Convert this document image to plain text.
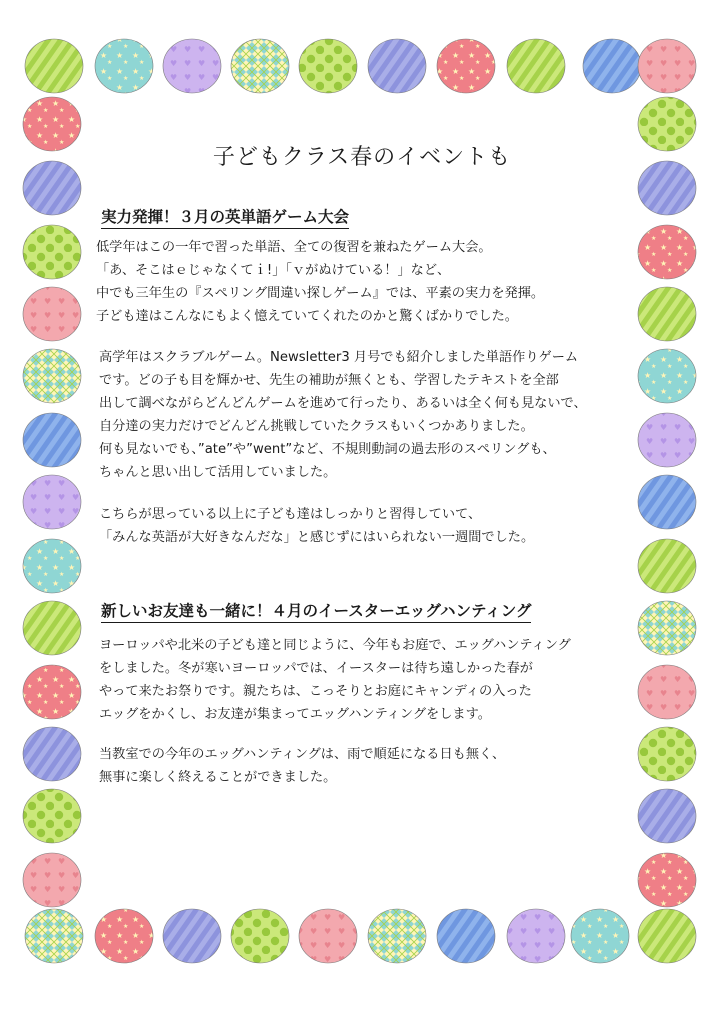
子どもクラス春のイベントも
実力発揮！３月の英単語ゲーム大会
低学年はこの一年で習った単語、全ての復習を兼ねたゲーム大会。
「あ、そこはｅじゃなくてｉ!」「ｖがぬけている！」など、
中でも三年生の『スペリング間違い探しゲーム』では、平素の実力を発揮。
子ども達はこんなにもよく憶えていてくれたのかと驚くばかりでした。
高学年はスクラブルゲーム。Newsletter3 月号でも紹介しました単語作りゲーム
です。どの子も目を輝かせ、先生の補助が無くとも、学習したテキストを全部
出して調べながらどんどんゲームを進めて行ったり、あるいは全く何も見ないで、
自分達の実力だけでどんどん挑戦していたクラスもいくつかありました。
何も見ないでも、”ate”や”went”など、不規則動詞の過去形のスペリングも、
ちゃんと思い出して活用していました。
こちらが思っている以上に子ども達はしっかりと習得していて、
「みんな英語が大好きなんだな」と感じずにはいられない一週間でした。
新しいお友達も一緒に！４月のイースターエッグハンティング
ヨーロッパや北米の子ども達と同じように、今年もお庭で、エッグハンティング
をしました。冬が寒いヨーロッパでは、イースターは待ち遠しかった春が
やって来たお祭りです。親たちは、こっそりとお庭にキャンディの入った
エッグをかくし、お友達が集まってエッグハンティングをします。
当教室での今年のエッグハンティングは、雨で順延になる日も無く、
無事に楽しく終えることができました。
